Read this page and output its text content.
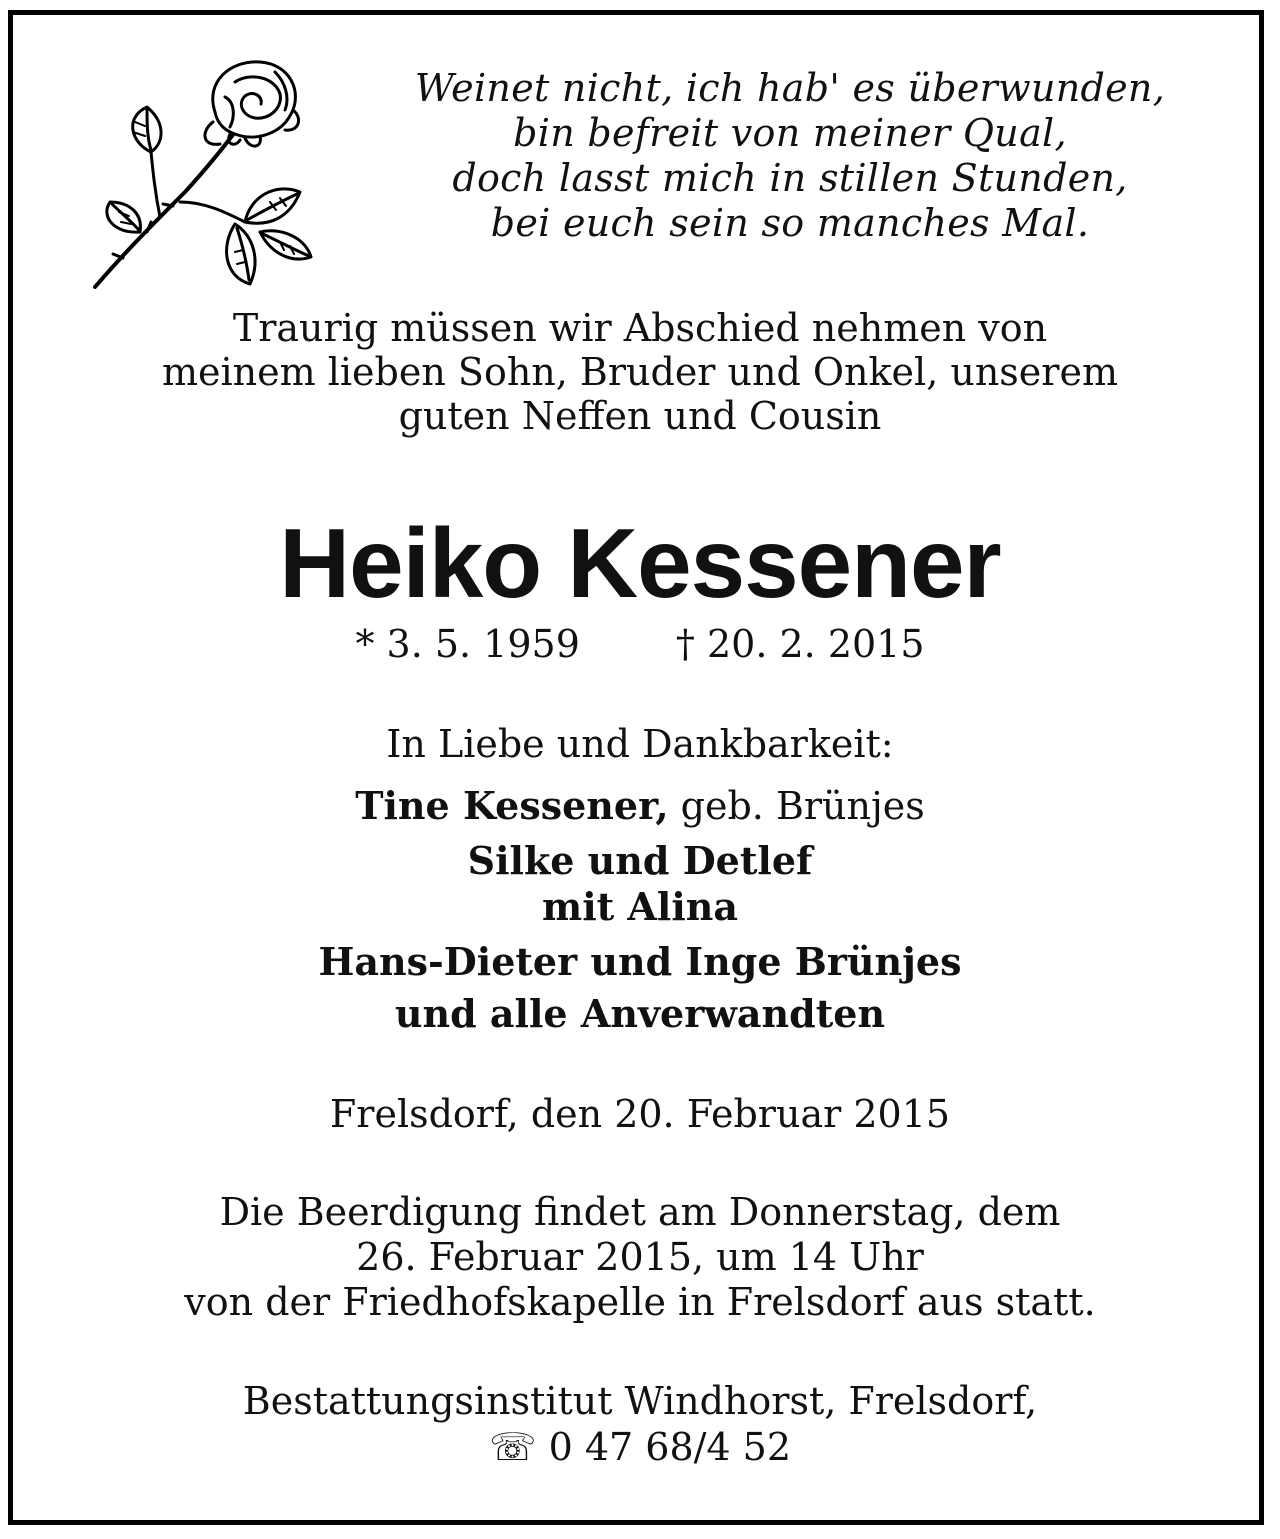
Weinet nicht, ich hab' es überwunden,
bin befreit von meiner Qual,
doch lasst mich in stillen Stunden,
bei euch sein so manches Mal.
Traurig müssen wir Abschied nehmen von
meinem lieben Sohn, Bruder und Onkel, unserem
guten Neffen und Cousin
Heiko Kessener
* 3. 5. 1959	† 20. 2. 2015
In Liebe und Dankbarkeit:
Tine Kessener, geb. Brünjes
Silke und Detlef
mit Alina
Hans-Dieter und Inge Brünjes
und alle Anverwandten
Frelsdorf, den 20. Februar 2015
Die Beerdigung findet am Donnerstag, dem
26. Februar 2015, um 14 Uhr
von der Friedhofskapelle in Frelsdorf aus statt.
Bestattungsinstitut Windhorst, Frelsdorf,
☏ 0 47 68/4 52
